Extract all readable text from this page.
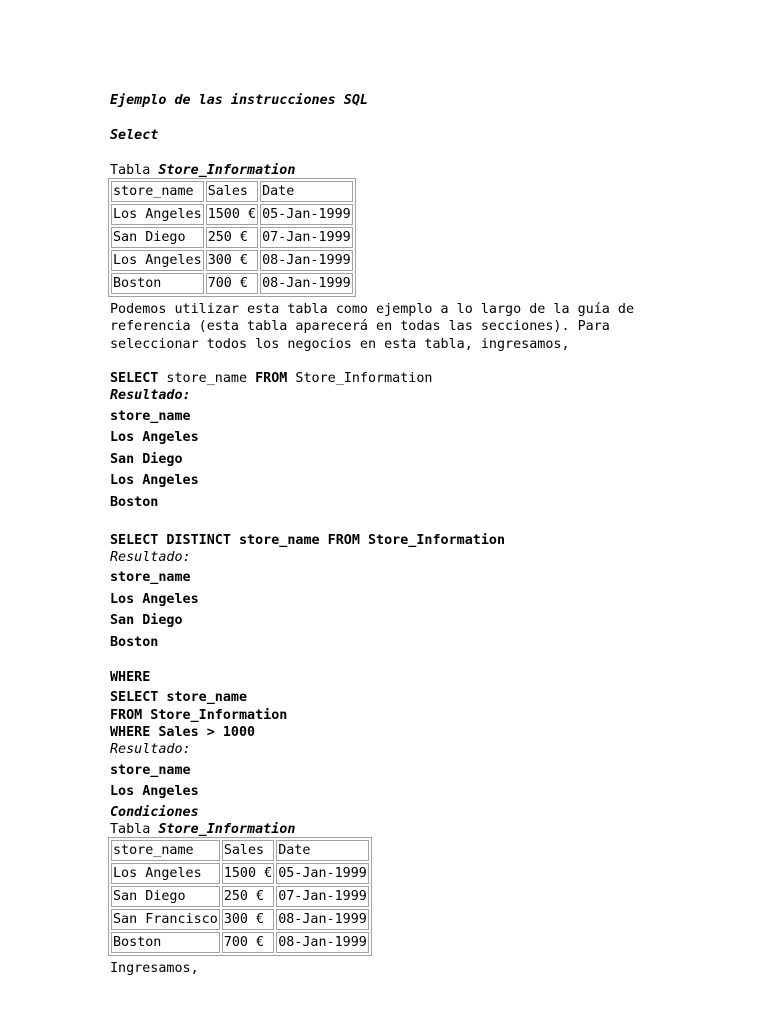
Ejemplo de las instrucciones SQL
Select
Tabla Store_Information
store_name	Sales	Date
Los Angeles	1500 €	05-Jan-1999
San Diego	250 €	07-Jan-1999
Los Angeles	300 €	08-Jan-1999
Boston	700 €	08-Jan-1999
Podemos utilizar esta tabla como ejemplo a lo largo de la guía de referencia (esta tabla aparecerá en todas las secciones). Para seleccionar todos los negocios en esta tabla, ingresamos,
SELECT store_name FROM Store_Information
Resultado:
store_name
Los Angeles
San Diego
Los Angeles
Boston
SELECT DISTINCT store_name FROM Store_Information
Resultado:
store_name
Los Angeles
San Diego
Boston
WHERE
SELECT store_name
FROM Store_Information
WHERE Sales > 1000
Resultado:
store_name
Los Angeles
Condiciones
Tabla Store_Information
store_name	Sales	Date
Los Angeles	1500 €	05-Jan-1999
San Diego	250 €	07-Jan-1999
San Francisco	300 €	08-Jan-1999
Boston	700 €	08-Jan-1999
Ingresamos,
